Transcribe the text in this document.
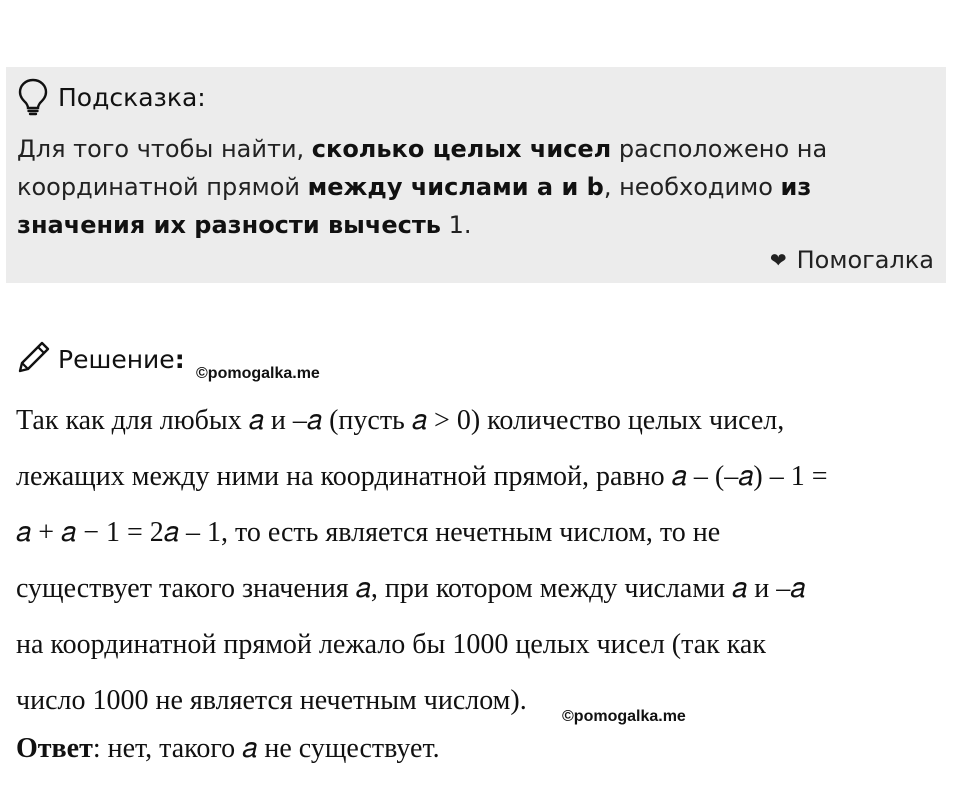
Подсказка:
Для того чтобы найти, сколько целых чисел расположено на координатной прямой между числами a и b, необходимо из значения их разности вычесть 1.
❤ Помогалка
Решение: ©pomogalka.me
Так как для любых 𝑎 и –𝑎 (пусть 𝑎 > 0) количество целых чисел,
лежащих между ними на координатной прямой, равно 𝑎 – (–𝑎) – 1 =
𝑎 + 𝑎 − 1 = 2𝑎 – 1, то есть является нечетным числом, то не
существует такого значения 𝑎, при котором между числами 𝑎 и –𝑎
на координатной прямой лежало бы 1000 целых чисел (так как
число 1000 не является нечетным числом).
©pomogalka.me
Ответ: нет, такого 𝑎 не существует.
